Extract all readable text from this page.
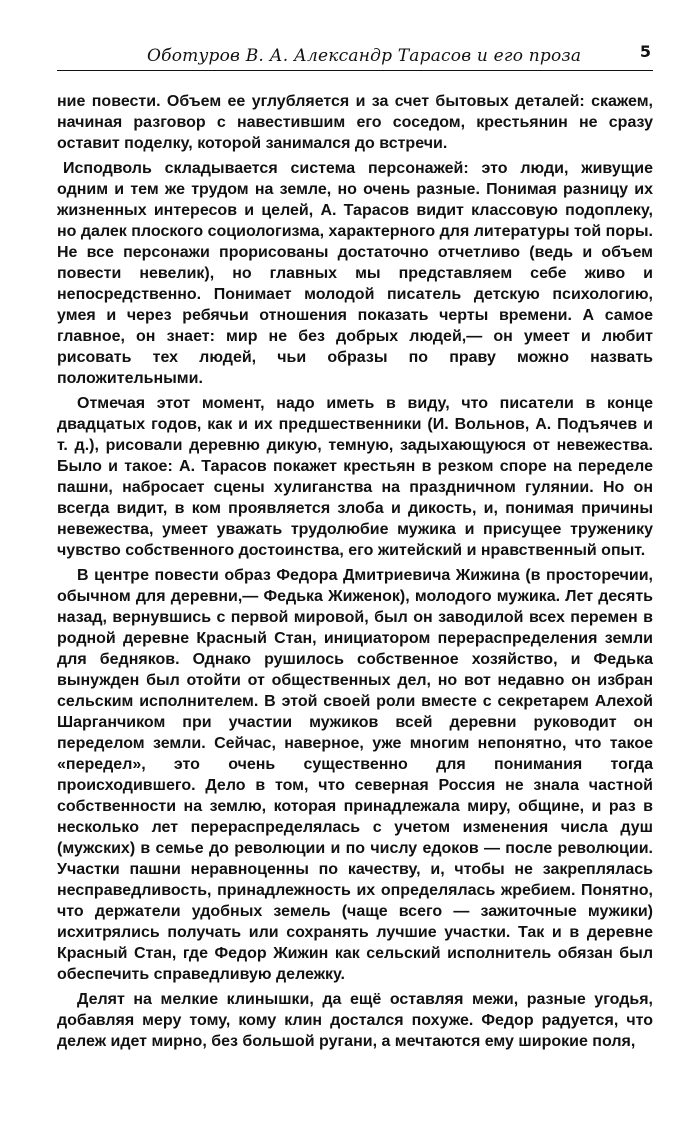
Оботуров В. А. Александр Тарасов и его проза	5

ние повести. Объем ее углубляется и за счет бытовых деталей: скажем, начиная разговор с навестившим его соседом, крестьянин не сразу оставит поделку, которой занимался до встречи.

Исподволь складывается система персонажей: это люди, живущие одним и тем же трудом на земле, но очень разные. Понимая разницу их жизненных интересов и целей, А. Тарасов видит классовую подоплеку, но далек плоского социологизма, характерного для литературы той поры. Не все персонажи прорисованы достаточно отчетливо (ведь и объем повести невелик), но главных мы представляем себе живо и непосредственно. Понимает молодой писатель детскую психологию, умея и через ребячьи отношения показать черты времени. А самое главное, он знает: мир не без добрых людей,— он умеет и любит рисовать тех людей, чьи образы по праву можно назвать положительными.

Отмечая этот момент, надо иметь в виду, что писатели в конце двадцатых годов, как и их предшественники (И. Вольнов, А. Подъячев и т. д.), рисовали деревню дикую, темную, задыхающуюся от невежества. Было и такое: А. Тарасов покажет крестьян в резком споре на переделе пашни, набросает сцены хулиганства на праздничном гулянии. Но он всегда видит, в ком проявляется злоба и дикость, и, понимая причины невежества, умеет уважать трудолюбие мужика и присущее труженику чувство собственного достоинства, его житейский и нравственный опыт.

В центре повести образ Федора Дмитриевича Жижина (в просторечии, обычном для деревни,— Федька Жиженок), молодого мужика. Лет десять назад, вернувшись с первой мировой, был он заводилой всех перемен в родной деревне Красный Стан, инициатором перераспределения земли для бедняков. Однако рушилось собственное хозяйство, и Федька вынужден был отойти от общественных дел, но вот недавно он избран сельским исполнителем. В этой своей роли вместе с секретарем Алехой Шарганчиком при участии мужиков всей деревни руководит он переделом земли. Сейчас, наверное, уже многим непонятно, что такое «передел», это очень существенно для понимания тогда происходившего. Дело в том, что северная Россия не знала частной собственности на землю, которая принадлежала миру, общине, и раз в несколько лет перераспределялась с учетом изменения числа душ (мужских) в семье до революции и по числу едоков — после революции. Участки пашни неравноценны по качеству, и, чтобы не закреплялась несправедливость, принадлежность их определялась жребием. Понятно, что держатели удобных земель (чаще всего — зажиточные мужики) исхитрялись получать или сохранять лучшие участки. Так и в деревне Красный Стан, где Федор Жижин как сельский исполнитель обязан был обеспечить справедливую дележку.

Делят на мелкие клинышки, да ещё оставляя межи, разные угодья, добавляя меру тому, кому клин достался похуже. Федор радуется, что дележ идет мирно, без большой ругани, а мечтаются ему широкие поля,
